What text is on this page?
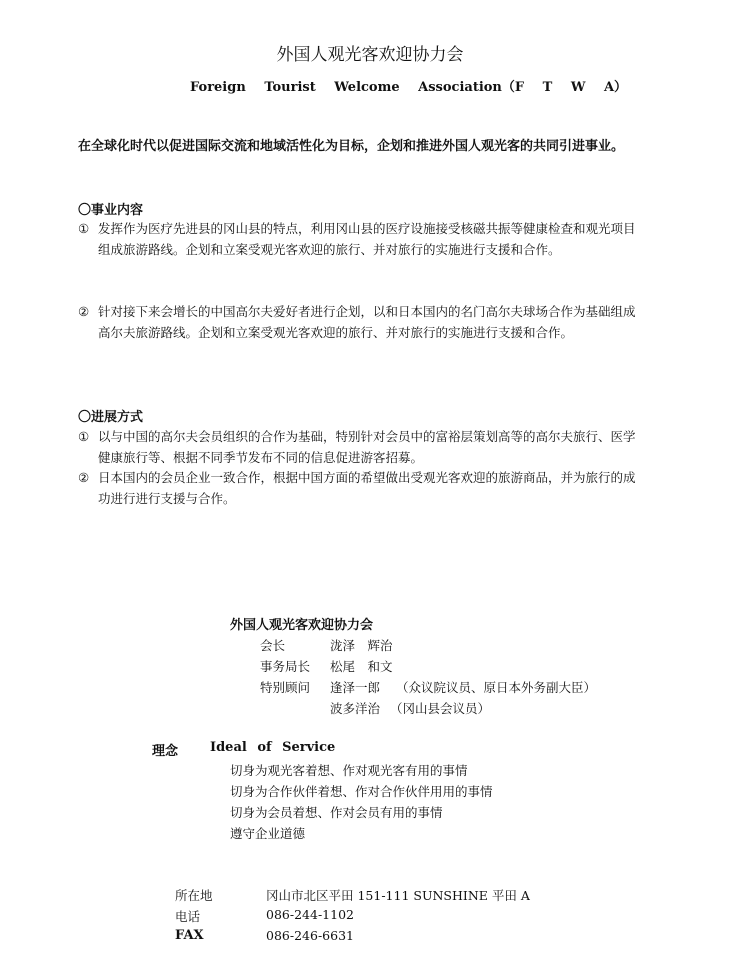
外国人观光客欢迎协力会
Foreign Tourist Welcome Association（F T W A）
在全球化时代以促进国际交流和地域活性化为目标，企划和推进外国人观光客的共同引进事业。
〇事业内容
① 发挥作为医疗先进县的冈山县的特点，利用冈山县的医疗设施接受核磁共振等健康检查和观光项目组成旅游路线。企划和立案受观光客欢迎的旅行、并对旅行的实施进行支援和合作。
② 针对接下来会增长的中国高尔夫爱好者进行企划，以和日本国内的名门高尔夫球场合作为基础组成高尔夫旅游路线。企划和立案受观光客欢迎的旅行、并对旅行的实施进行支援和合作。
〇进展方式
① 以与中国的高尔夫会员组织的合作为基础，特别针对会员中的富裕层策划高等的高尔夫旅行、医学健康旅行等、根据不同季节发布不同的信息促进游客招募。
② 日本国内的会员企业一致合作，根据中国方面的希望做出受观光客欢迎的旅游商品，并为旅行的成功进行进行支援与合作。
外国人观光客欢迎协力会
会长	泷泽　辉治
事务局长 松尾　和文
特别顾问 逢泽一郎 （众议院议员、原日本外务副大臣）
波多洋治 （冈山县会议员）
理念 Ideal of Service
切身为观光客着想、作对观光客有用的事情
切身为合作伙伴着想、作对合作伙伴用用的事情
切身为会员着想、作对会员有用的事情
遵守企业道德
所在地	冈山市北区平田 151-111 SUNSHINE 平田 A
电话	086-244-1102
FAX	086-246-6631
